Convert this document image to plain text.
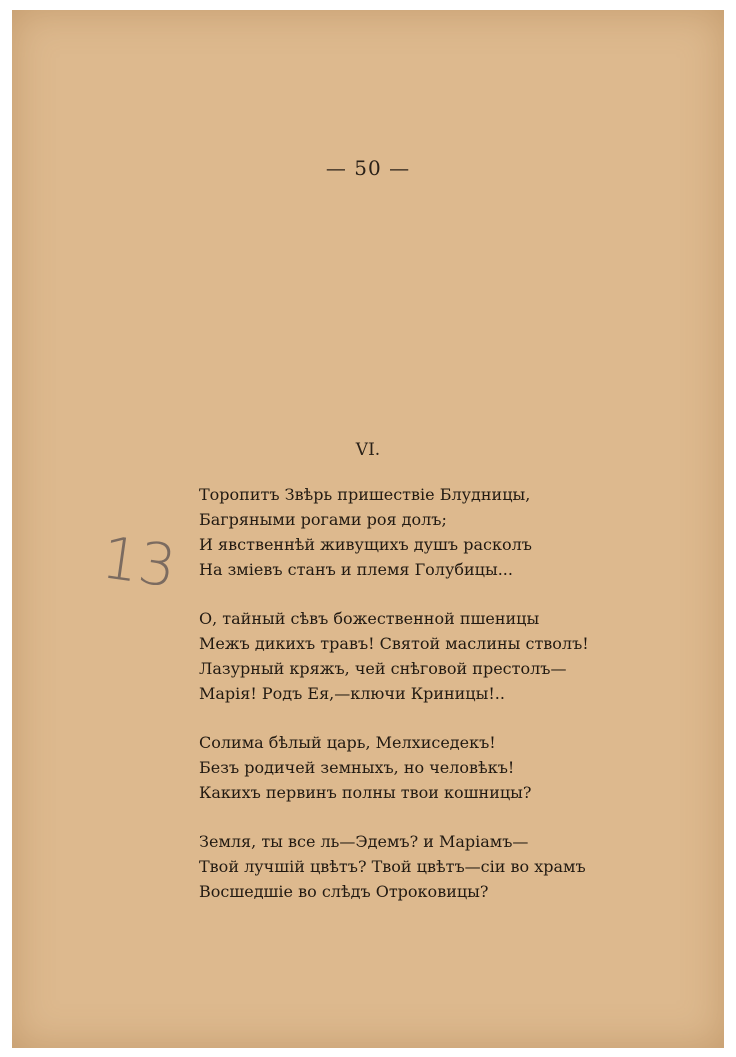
— 50 —
VI.
13
Торопитъ Звѣрь пришествіе Блудницы,
Багряными рогами роя долъ;
И явственнѣй живущихъ душъ расколъ
На зміевъ станъ и племя Голубицы...
О, тайный сѣвъ божественной пшеницы
Межъ дикихъ травъ! Святой маслины стволъ!
Лазурный кряжъ, чей снѣговой престолъ—
Марія! Родъ Ея,—ключи Криницы!..
Солима бѣлый царь, Мелхиседекъ!
Безъ родичей земныхъ, но человѣкъ!
Какихъ первинъ полны твои кошницы?
Земля, ты все ль—Эдемъ? и Маріамъ—
Твой лучшій цвѣтъ? Твой цвѣтъ—сіи во храмъ
Восшедшіе во слѣдъ Отроковицы?
